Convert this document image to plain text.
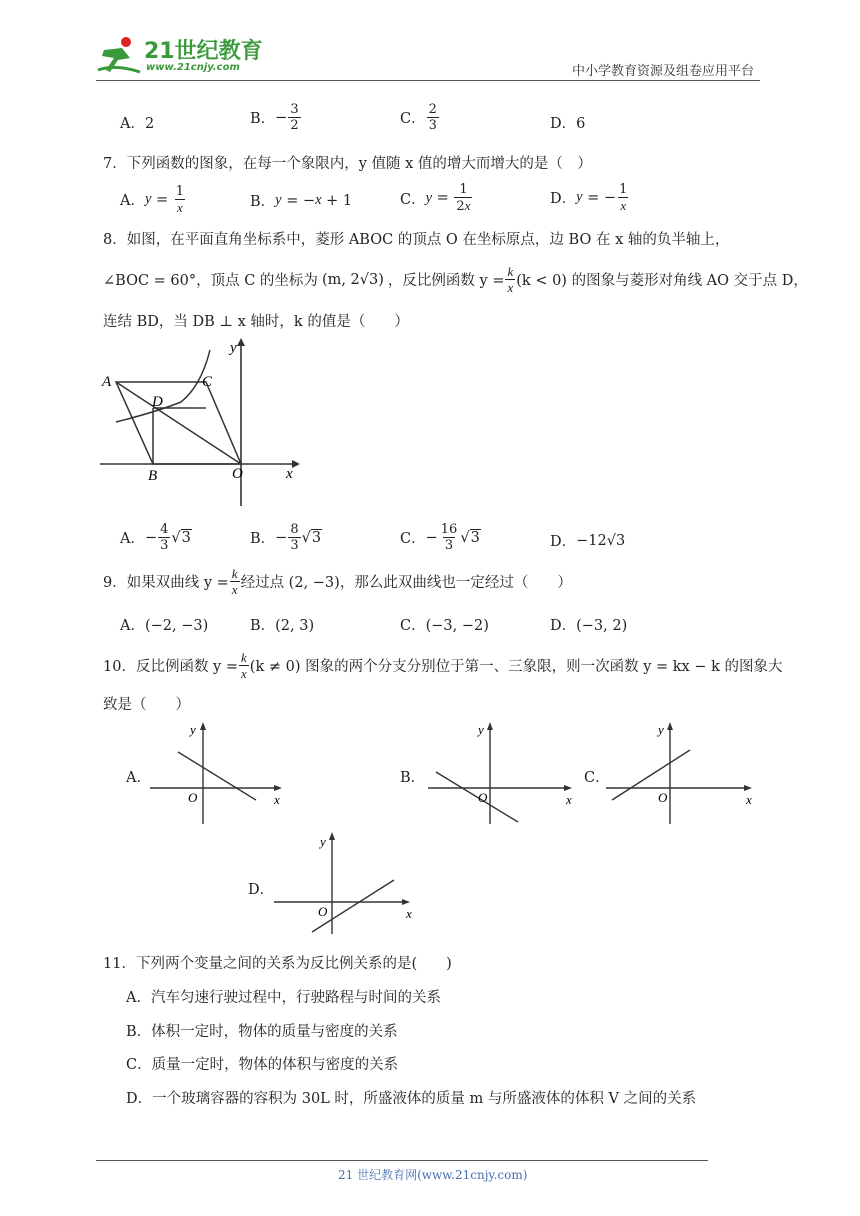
21世纪教育
www.21cnjy.com	中小学教育资源及组卷应用平台
A．2	B． − $\frac{3}{2}$	C． $\frac{2}{3}$	D．6
7．下列函数的图象，在每一个象限内，y 值随 x 值的增大而增大的是（　）
A． $y = \frac{1}{x}$	B． y = − x + 1	C． $y = \frac{1}{2x}$	D． y = − $\frac{1}{x}$
8．如图，在平面直角坐标系中，菱形 ABOC 的顶点 O 在坐标原点，边 BO 在 x 轴的负半轴上，
∠BOC = 60°，顶点 C 的坐标为 (m, 2√3) ，反比例函数 $y = \frac{k}{x} (k < 0)$ 的图象与菱形对角线 AO 交于点 D，
连结 BD，当 DB ⊥ x 轴时，k 的值是（　　）
A	C
D
B	O	x
y
A． − $\frac{4}{3}$ √ 3	B． − $\frac{8}{3}$ √ 3	C． − $\frac{16}{3}$ √ 3	D． −12√3
9．如果双曲线 $y = \frac{k}{x}$ 经过点 (2, −3)，那么此双曲线也一定经过（　　）
A．(−2, −3)	B．(2, 3)	C．(−3, −2)	D．(−3, 2)
10．反比例函数 $y = \frac{k}{x} (k \ne 0)$ 图象的两个分支分别位于第一、三象限，则一次函数 y = kx − k 的图象大
致是（　　）
A．
O	x
y
B．
O	x
y
C．
O	x
y
D．
O	x
y
11．下列两个变量之间的关系为反比例关系的是(　　)
A．汽车匀速行驶过程中，行驶路程与时间的关系
B．体积一定时，物体的质量与密度的关系
C．质量一定时，物体的体积与密度的关系
D．一个玻璃容器的容积为 30L 时，所盛液体的质量 m 与所盛液体的体积 V 之间的关系
21 世纪教育网(www.21cnjy.com)
